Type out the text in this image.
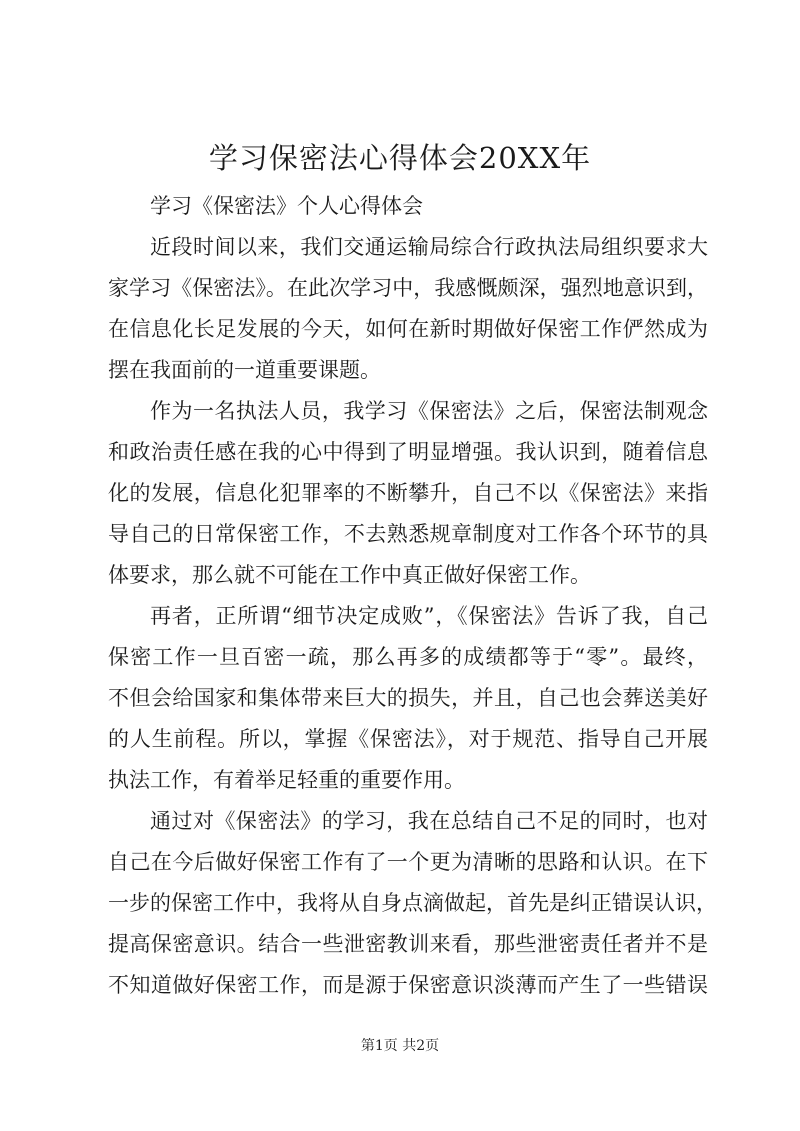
学习保密法心得体会20XX年

学习《保密法》个人心得体会

近段时间以来，我们交通运输局综合行政执法局组织要求大

家学习《保密法》。在此次学习中，我感慨颇深，强烈地意识到，

在信息化长足发展的今天，如何在新时期做好保密工作俨然成为

摆在我面前的一道重要课题。

作为一名执法人员，我学习《保密法》之后，保密法制观念

和政治责任感在我的心中得到了明显增强。我认识到，随着信息

化的发展，信息化犯罪率的不断攀升，自己不以《保密法》来指

导自己的日常保密工作，不去熟悉规章制度对工作各个环节的具

体要求，那么就不可能在工作中真正做好保密工作。

再者，正所谓“细节决定成败”，《保密法》告诉了我，自己

保密工作一旦百密一疏，那么再多的成绩都等于“零”。最终，

不但会给国家和集体带来巨大的损失，并且，自己也会葬送美好

的人生前程。所以，掌握《保密法》，对于规范、指导自己开展

执法工作，有着举足轻重的重要作用。

通过对《保密法》的学习，我在总结自己不足的同时，也对

自己在今后做好保密工作有了一个更为清晰的思路和认识。在下

一步的保密工作中，我将从自身点滴做起，首先是纠正错误认识，

提高保密意识。结合一些泄密教训来看，那些泄密责任者并不是

不知道做好保密工作，而是源于保密意识淡薄而产生了一些错误

第1页 共2页
